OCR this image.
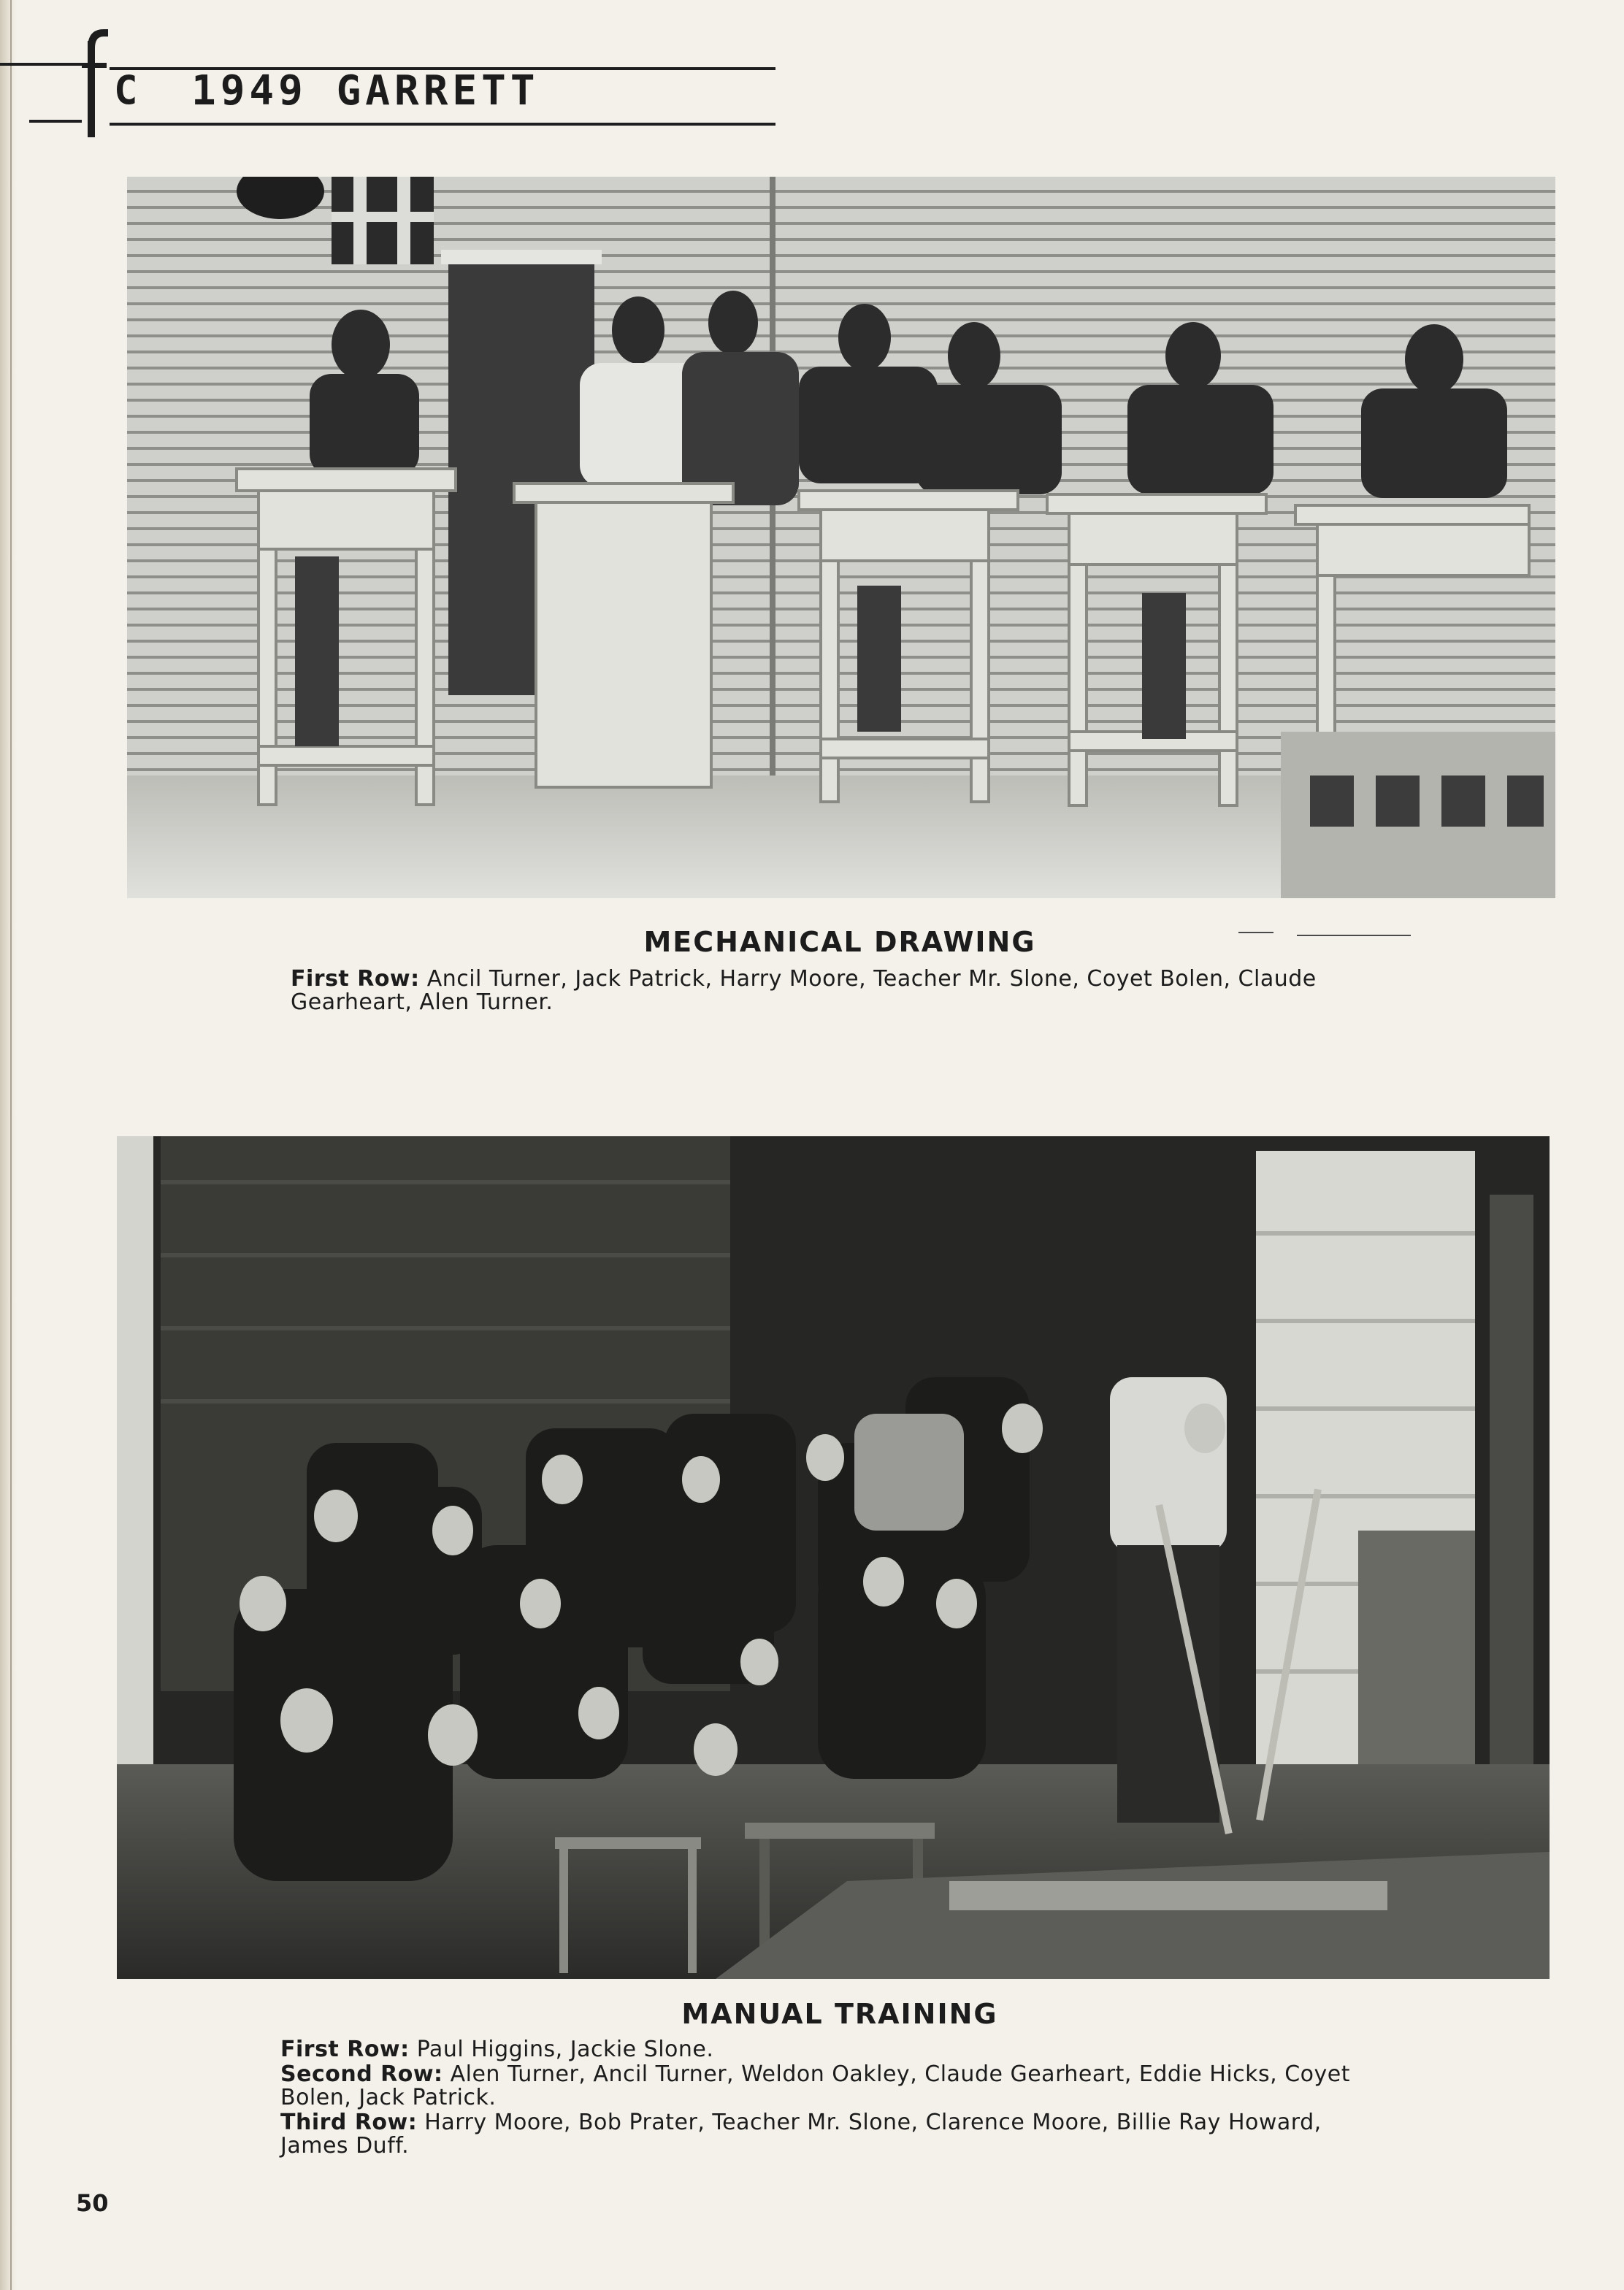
C 1949 GARRETT
MECHANICAL DRAWING
First Row: Ancil Turner, Jack Patrick, Harry Moore, Teacher Mr. Slone, Coyet Bolen, Claude
Gearheart, Alen Turner.
MANUAL TRAINING
First Row: Paul Higgins, Jackie Slone.
Second Row: Alen Turner, Ancil Turner, Weldon Oakley, Claude Gearheart, Eddie Hicks, Coyet
Bolen, Jack Patrick.
Third Row: Harry Moore, Bob Prater, Teacher Mr. Slone, Clarence Moore, Billie Ray Howard,
James Duff.
50
